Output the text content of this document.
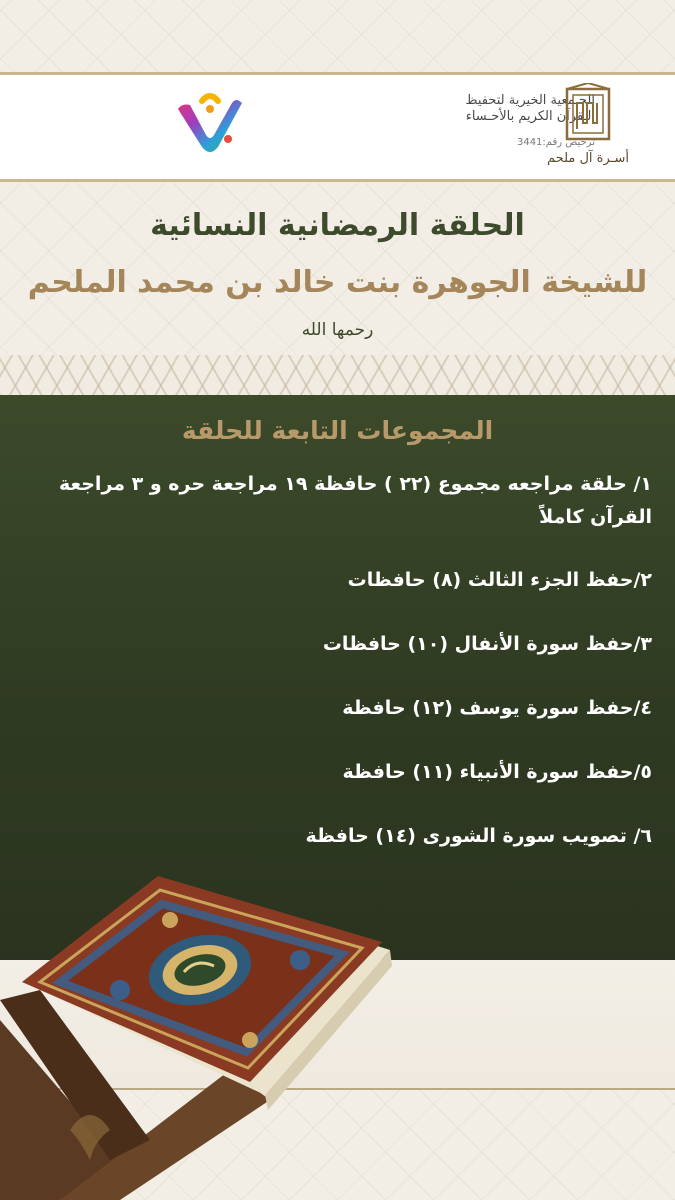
الجـمعية الخيرية لتحفيظ
الـقرآن الكريم بالأحـساء
ترخيص رقم:3441
أسـرة آل ملحم
الحلقة الرمضانية النسائية
للشيخة الجوهرة بنت خالد بن محمد الملحم
رحمها الله
المجموعات التابعة للحلقة
١/ حلقة مراجعه مجموع (٢٢ ) حافظة ١٩ مراجعة حره و ٣ مراجعة القرآن كاملاً
٢/حفظ الجزء الثالث (٨) حافظات
٣/حفظ سورة الأنفال (١٠) حافظات
٤/حفظ سورة يوسف (١٢) حافظة
٥/حفظ سورة الأنبياء (١١) حافظة
٦/ تصويب سورة الشورى (١٤) حافظة
